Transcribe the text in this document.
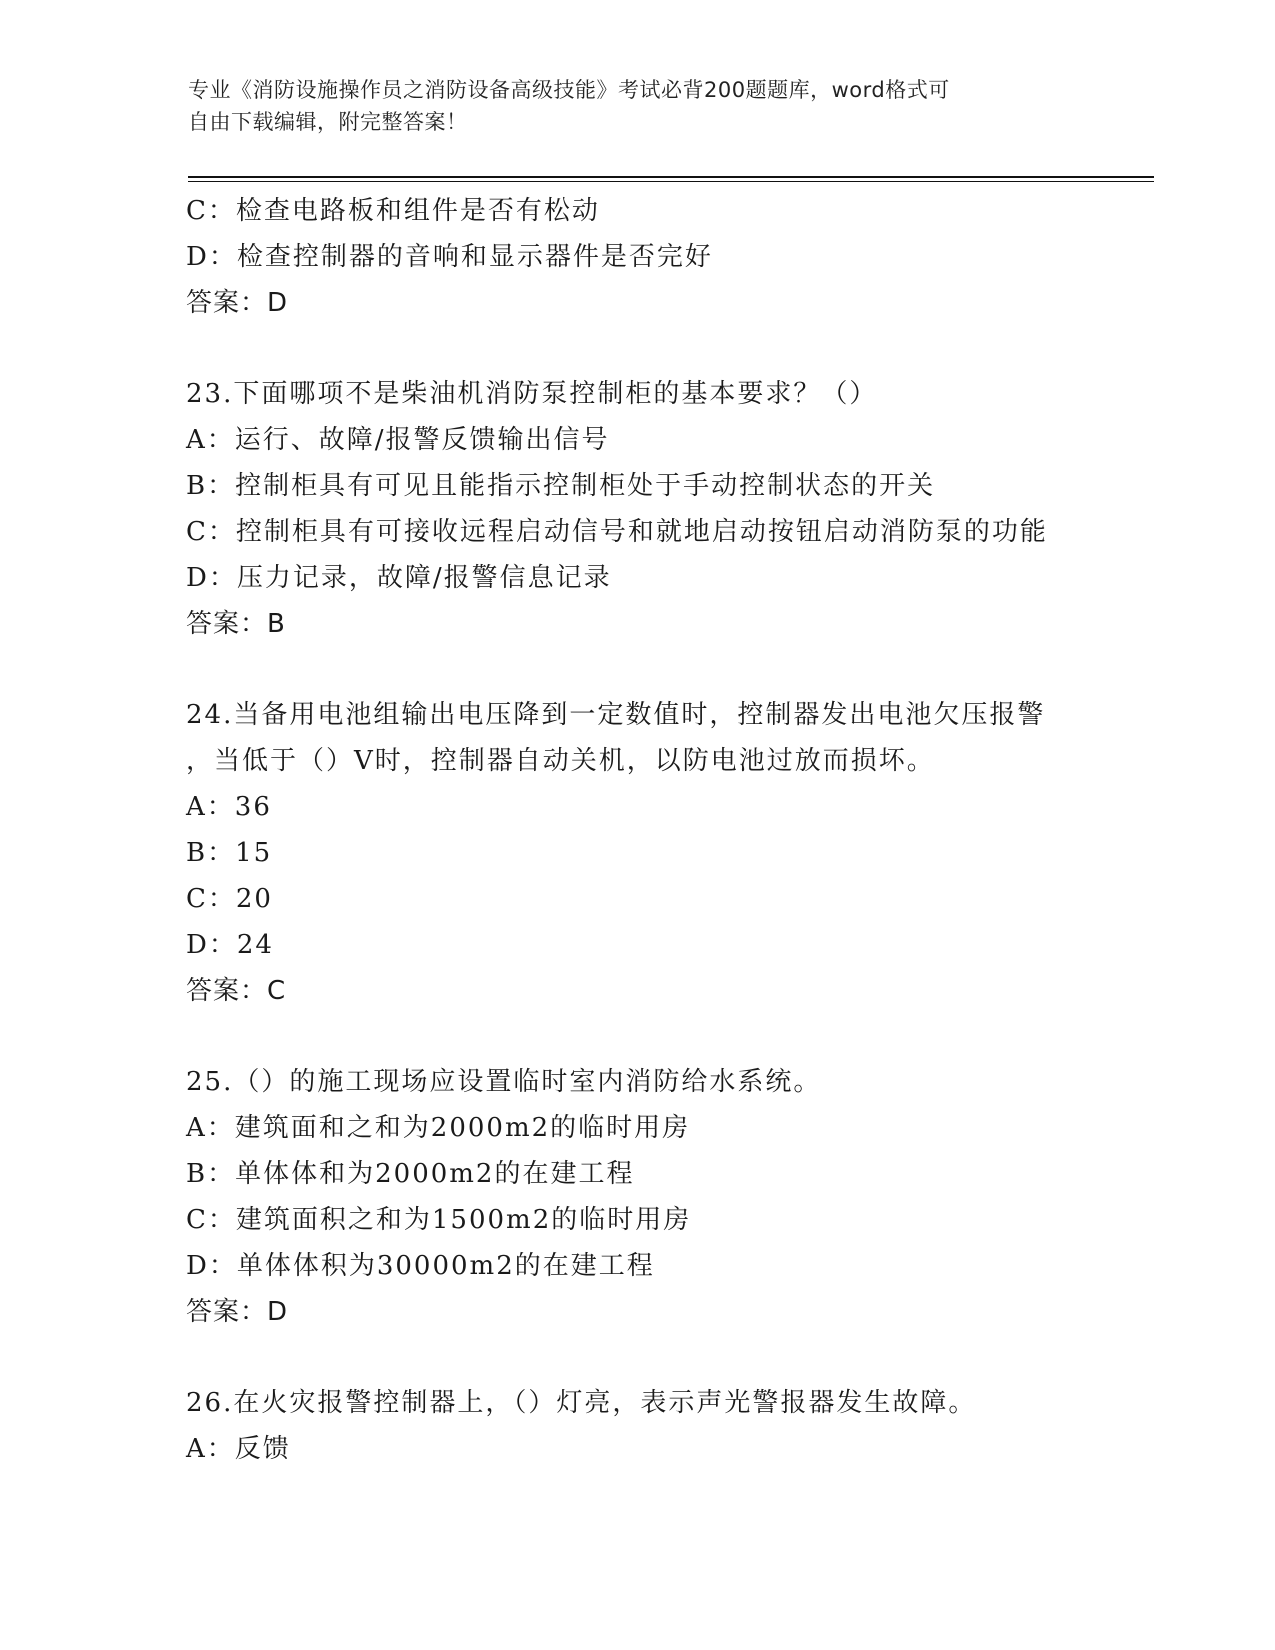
专业《消防设施操作员之消防设备高级技能》考试必背200题题库，word格式可
自由下载编辑，附完整答案！
C：检查电路板和组件是否有松动
D：检查控制器的音响和显示器件是否完好
答案：D
23.下面哪项不是柴油机消防泵控制柜的基本要求？（）
A：运行、故障/报警反馈输出信号
B：控制柜具有可见且能指示控制柜处于手动控制状态的开关
C：控制柜具有可接收远程启动信号和就地启动按钮启动消防泵的功能
D：压力记录，故障/报警信息记录
答案：B
24.当备用电池组输出电压降到一定数值时，控制器发出电池欠压报警
，当低于（）V时，控制器自动关机，以防电池过放而损坏。
A：36
B：15
C：20
D：24
答案：C
25.（）的施工现场应设置临时室内消防给水系统。
A：建筑面和之和为2000m2的临时用房
B：单体体和为2000m2的在建工程
C：建筑面积之和为1500m2的临时用房
D：单体体积为30000m2的在建工程
答案：D
26.在火灾报警控制器上，（）灯亮，表示声光警报器发生故障。
A：反馈
